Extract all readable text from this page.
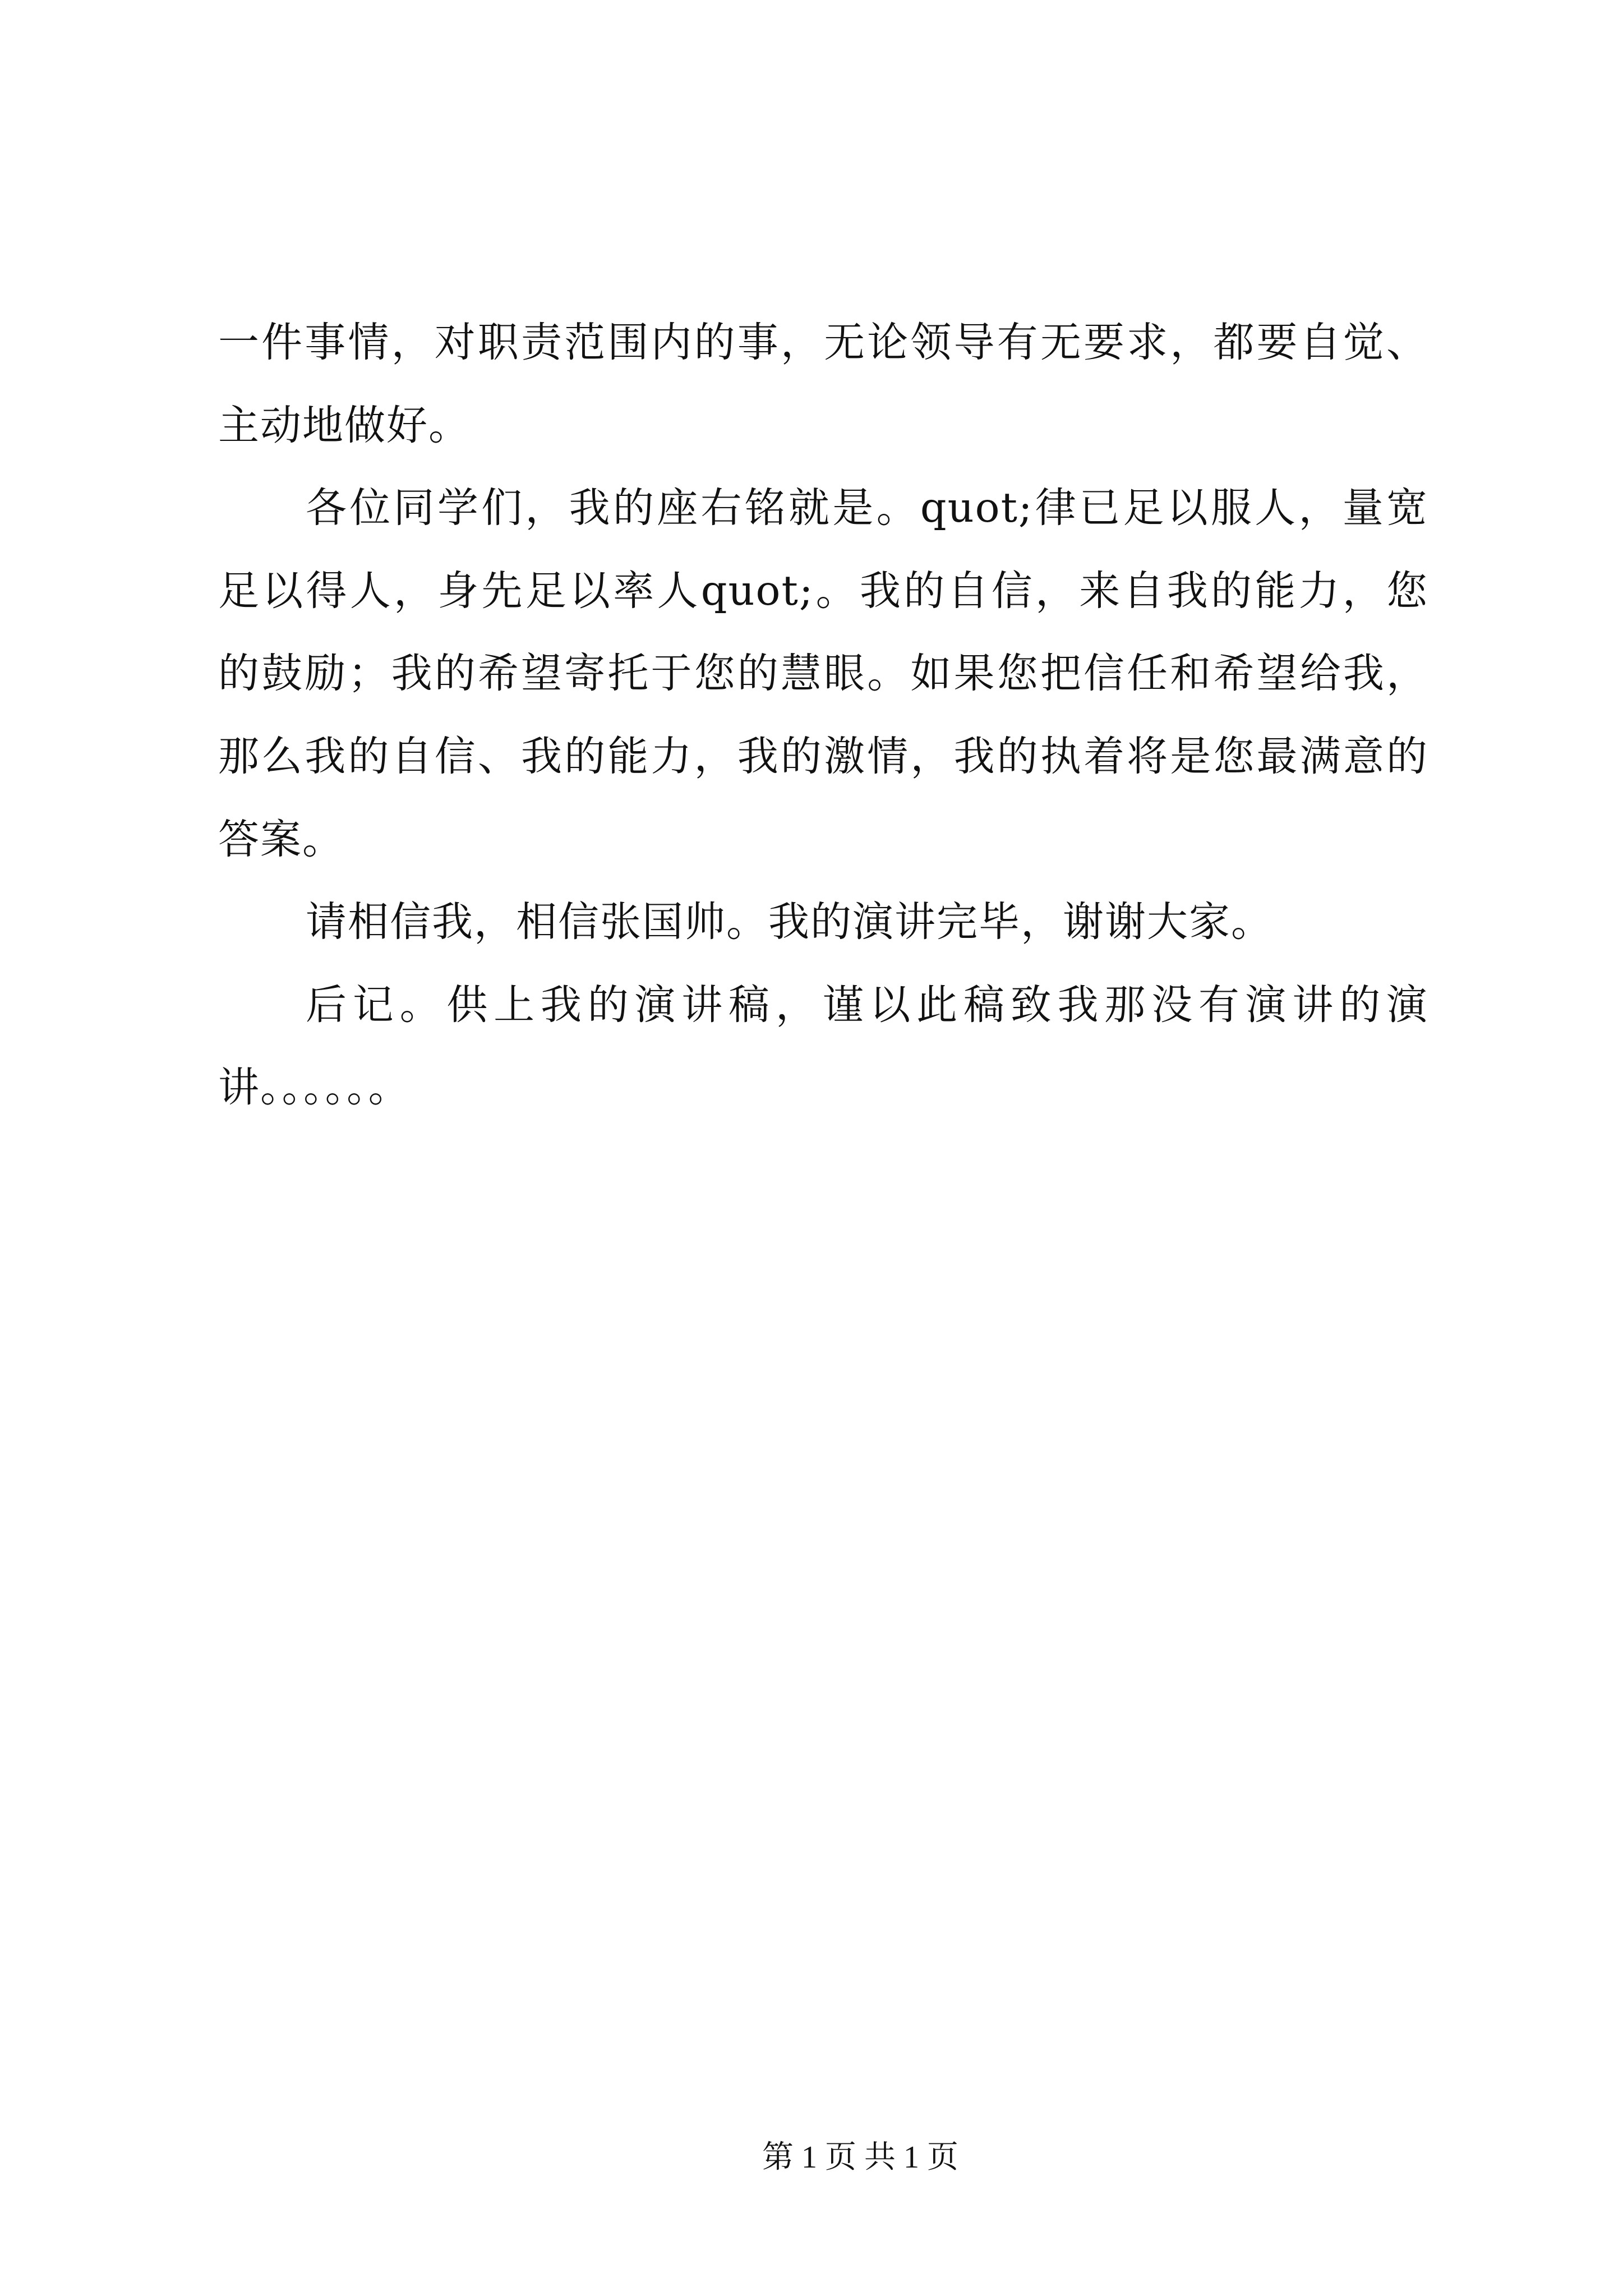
一件事情，对职责范围内的事，无论领导有无要求，都要自觉、
主动地做好。
各位同学们，我的座右铭就是。quot;律已足以服人，量宽
足以得人，身先足以率人quot;。我的自信，来自我的能力，您
的鼓励；我的希望寄托于您的慧眼。如果您把信任和希望给我，
那么我的自信、我的能力，我的激情，我的执着将是您最满意的
答案。
请相信我，相信张国帅。我的演讲完毕，谢谢大家。
后记。供上我的演讲稿，谨以此稿致我那没有演讲的演
讲。。。。。。
第 1 页 共 1 页
